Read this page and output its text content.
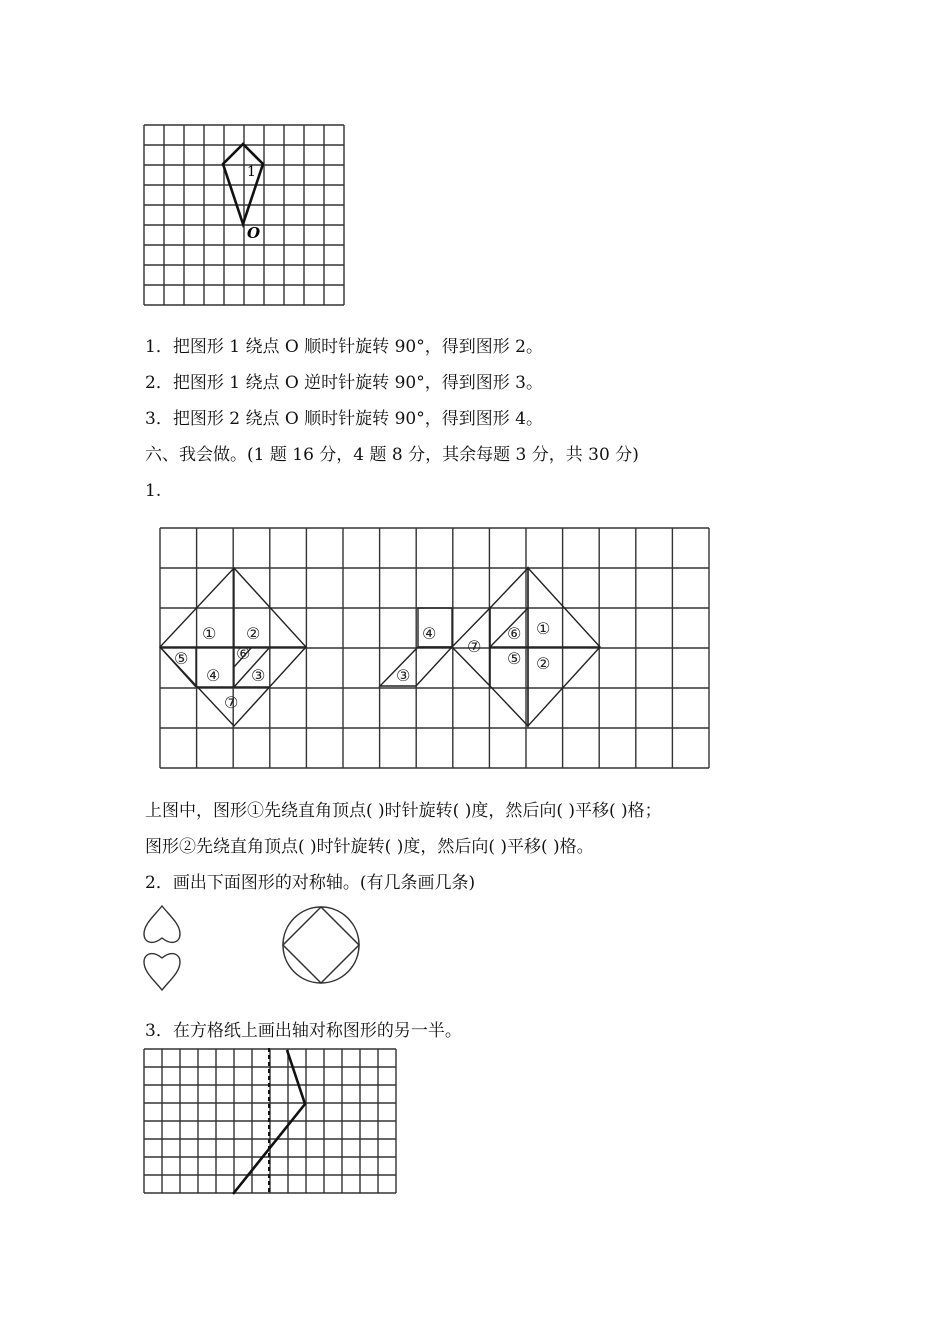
1
O
1．把图形 1 绕点 O 顺时针旋转 90°，得到图形 2。
2．把图形 1 绕点 O 逆时针旋转 90°，得到图形 3。
3．把图形 2 绕点 O 顺时针旋转 90°，得到图形 4。
六、我会做。(1 题 16 分，4 题 8 分，其余每题 3 分，共 30 分)
1.
① ②
⑤	⑥
④ ③
⑦
④
③
⑦
⑥
⑤
①
②
上图中，图形①先绕直角顶点( )时针旋转( )度，然后向( )平移( )格；
图形②先绕直角顶点( )时针旋转( )度，然后向( )平移( )格。
2．画出下面图形的对称轴。(有几条画几条)
3．在方格纸上画出轴对称图形的另一半。
